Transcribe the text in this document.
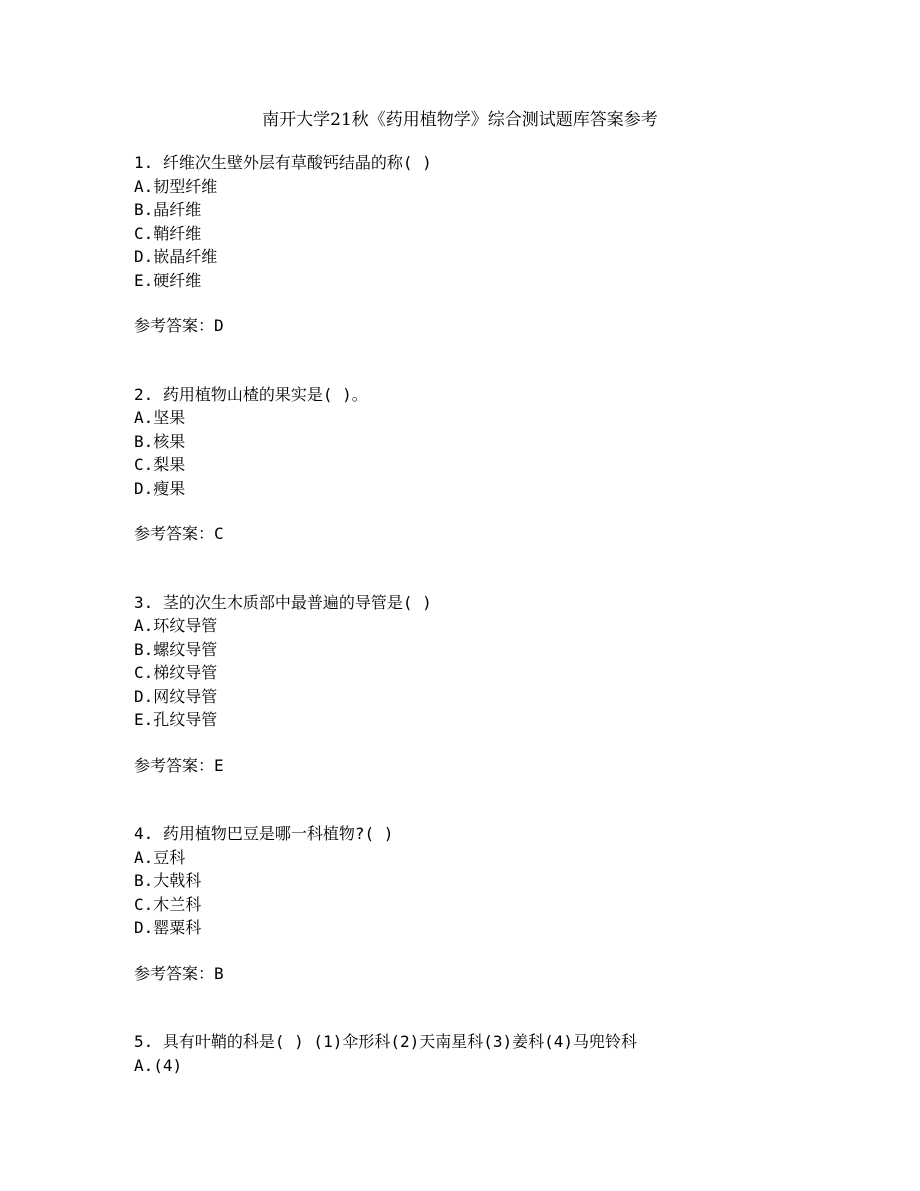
南开大学21秋《药用植物学》综合测试题库答案参考
1. 纤维次生壁外层有草酸钙结晶的称( )
A.韧型纤维
B.晶纤维
C.鞘纤维
D.嵌晶纤维
E.硬纤维
参考答案：D
2. 药用植物山楂的果实是( )。
A.坚果
B.核果
C.梨果
D.瘦果
参考答案：C
3. 茎的次生木质部中最普遍的导管是( )
A.环纹导管
B.螺纹导管
C.梯纹导管
D.网纹导管
E.孔纹导管
参考答案：E
4. 药用植物巴豆是哪一科植物?( )
A.豆科
B.大戟科
C.木兰科
D.罂粟科
参考答案：B
5. 具有叶鞘的科是( ) (1)伞形科(2)天南星科(3)姜科(4)马兜铃科
A.(4)
